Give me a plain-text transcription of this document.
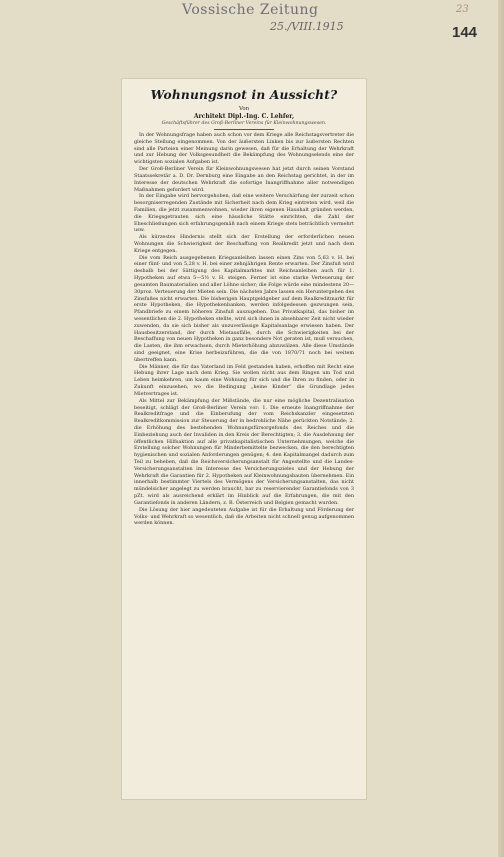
Vossische Zeitung
25./VIII.1915
23
144
Wohnungsnot in Aussicht?
Von
Architekt Dipl.-Ing. C. Lehfer,
Geschäftsführer des Groß-Berliner Vereins für Kleinwohnungswesen.

In der Wohnungsfrage haben auch schon vor dem Kriege alle Reichstagsvertreter die gleiche Stellung eingenommen. Von der äußersten Linken bis zur äußersten Rechten sind alle Parteien einer Meinung darin gewesen, daß für die Erhaltung der Wehrkraft und zur Hebung der Volksgesundheit die Bekämpfung des Wohnungselends eine der wichtigsten sozialen Aufgaben ist.

Der Groß-Berliner Verein für Kleinwohnungswesen hat jetzt durch seinen Vorstand Staatssekretär a. D. Dr. Dernburg eine Eingabe an den Reichstag gerichtet, in der im Interesse der deutschen Wehrkraft die sofortige Inangriffnahme aller notwendigen Maßnahmen gefordert wird.

In der Eingabe wird hervorgehoben, daß eine weitere Verschärfung der zurzeit schon besorgniserregenden Zustände mit Sicherheit nach dem Krieg eintreten wird, weil die Familien, die jetzt zusammenwohnen, wieder ihren eigenen Haushalt gründen werden, die Kriegsgetrauten sich eine häusliche Stätte einrichten, die Zahl der Eheschließungen sich erfahrungsgemäß nach einem Kriege stets beträchtlich vermehrt usw.

Als kürzestes Hindernis stellt sich der Erstellung der erforderlichen neuen Wohnungen die Schwierigkeit der Beschaffung von Realkredit jetzt und nach dem Kriege entgegen.

Die vom Reich ausgegebenen Kriegsanleihen lassen einen Zins von 5,63 v. H. bei einer fünf- und von 5,28 v. H. bei einer zehnjährigen Rente erwarten. Der Zinsfuß wird deshalb bei der Sättigung des Kapitalmarktes mit Reichsanleihen auch für 1. Hypotheken auf etwa 5—5½ v. H. steigen. Ferner ist eine starke Verteuerung der gesamten Baumaterialien und aller Löhne sicher; die Folge würde eine mindestens 20—30proz. Verteuerung der Mieten sein. Die nächsten Jahre lassen ein Heruntergehen des Zinsfußes nicht erwarten. Die bisherigen Hauptgeldgeber auf dem Realkreditmarkt für erste Hypotheken, die Hypothekenbanken, werden infolgedessen gezwungen sein, Pfandbriefe zu einem höheren Zinsfuß auszugeben. Das Privatkapital, das bisher im wesentlichen die 2. Hypotheken stellte, wird sich ihnen in absehbarer Zeit nicht wieder zuwenden, da sie sich bisher als unzuverlässige Kapitalsanlage erwiesen haben. Der Hausbesitzerstand, der durch Mietausfälle, durch die Schwierigkeiten bei der Beschaffung von neuen Hypotheken in ganz besondere Not geraten ist, muß versuchen, die Lasten, die ihm erwachsen, durch Mieterhöhung abzuwälzen. Alle diese Umstände sind geeignet, eine Krise herbeizuführen, die die von 1870/71 noch bei weitem übertreffen kann.

Die Männer, die für das Vaterland im Feld gestanden haben, erhoffen mit Recht eine Hebung ihrer Lage nach dem Krieg. Sie wollen nicht aus dem Ringen um Tod und Leben heimkehren, um kaum eine Wohnung für sich und die Ihren zu finden, oder in Zukunft einzusehen, wo die Bedingung „keine Kinder“ die Grundlage jedes Mietvertrages ist.

Als Mittel zur Bekämpfung der Mißstände, die nur eine mögliche Dezentralisation beseitigt, schlägt der Groß-Berliner Verein vor: 1. Die erneute Inangriffnahme der Realkreditfrage und die Einberufung der vom Reichskanzler eingesetzten Realkreditkommission zur Steuerung der in bedrohliche Nähe gerückten Notstände; 2. die Erhöhung des bestehenden Wohnungsfürsorgefonds des Reiches und die Einbeziehung auch der Invaliden in den Kreis der Berechtigten; 3. die Ausdehnung der öffentlichen Hilfsaktion auf alle privatkapitalistischen Unternehmungen, welche die Erstellung solcher Wohnungen für Minderbemittelte bezwecken, die den berechtigten hygienischen und sozialen Anforderungen genügen; 4. den Kapitalmangel dadurch zum Teil zu beheben, daß die Reichsversicherungsanstalt für Angestellte und die Landes-Versicherungsanstalten im Interesse des Versicherungszieles und der Hebung der Wehrkraft die Garantien für 2. Hypotheken auf Kleinwohnungsbauten übernehmen. Ein innerhalb bestimmter Viertels des Vermögens der Versicherungsanstalten, das nicht mündelsicher angelegt zu werden braucht, bar zu reservierender Garantiefonds von 3 pZt. wird als ausreichend erklärt im Hinblick auf die Erfahrungen, die mit den Garantiefonds in anderen Ländern, z. B. Österreich und Belgien gemacht wurden.

Die Lösung der hier angedeuteten Aufgabe ist für die Erhaltung und Förderung der Volks- und Wehrkraft so wesentlich, daß die Arbeiten nicht schnell genug aufgenommen werden können.
